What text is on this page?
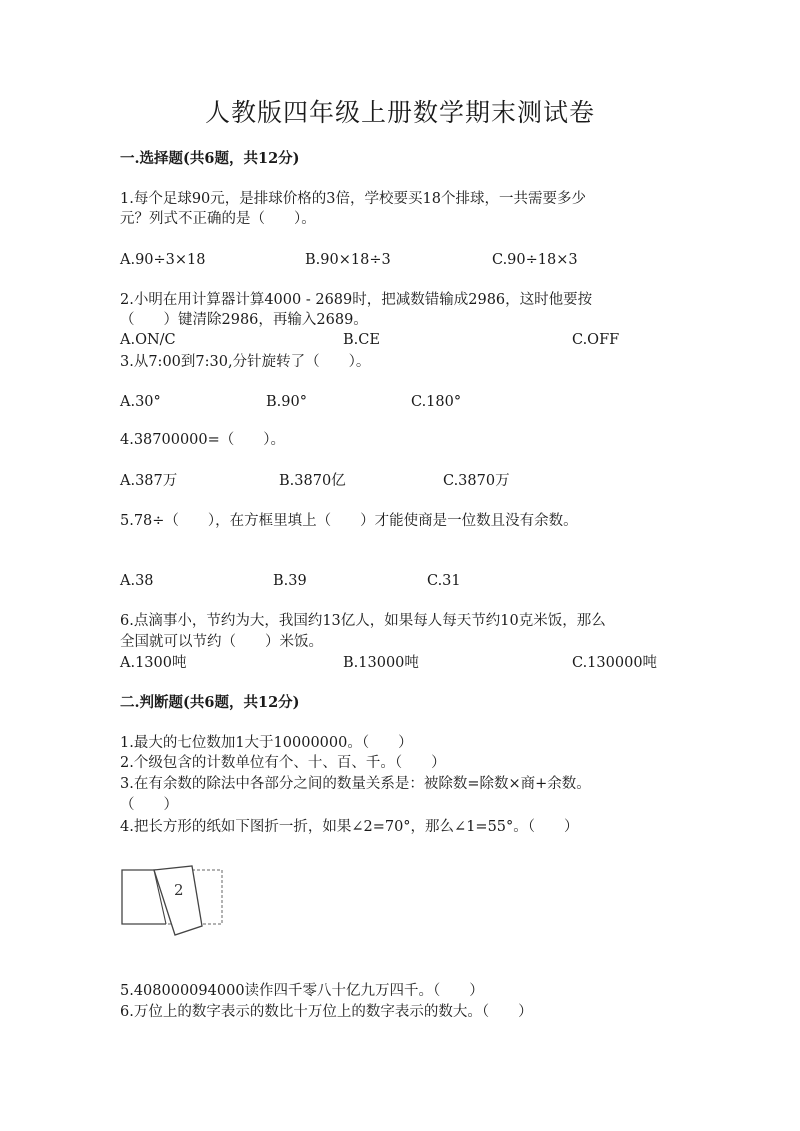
人教版四年级上册数学期末测试卷
一.选择题(共6题，共12分)
1.每个足球90元，是排球价格的3倍，学校要买18个排球，一共需要多少
元？列式不正确的是（　　）。
A.90÷3×18	B.90×18÷3	C.90÷18×3
2.小明在用计算器计算4000 - 2689时，把减数错输成2986，这时他要按
（　　）键清除2986，再输入2689。
A.ON/C	B.CE	C.OFF
3.从7:00到7:30,分针旋转了（　　）。
A.30°	B.90°	C.180°
4.38700000=（　　）。
A.387万	B.3870亿	C.3870万
5.78÷（　　），在方框里填上（　　）才能使商是一位数且没有余数。
A.38	B.39	C.31
6.点滴事小，节约为大，我国约13亿人，如果每人每天节约10克米饭，那么
全国就可以节约（　　）米饭。
A.1300吨	B.13000吨	C.130000吨
二.判断题(共6题，共12分)
1.最大的七位数加1大于10000000。（　　）
2.个级包含的计数单位有个、十、百、千。（　　）
3.在有余数的除法中各部分之间的数量关系是：被除数=除数×商+余数。
（　　）
4.把长方形的纸如下图折一折，如果∠2=70°，那么∠1=55°。（　　）
2
5.408000094000读作四千零八十亿九万四千。（　　）
6.万位上的数字表示的数比十万位上的数字表示的数大。（　　）
